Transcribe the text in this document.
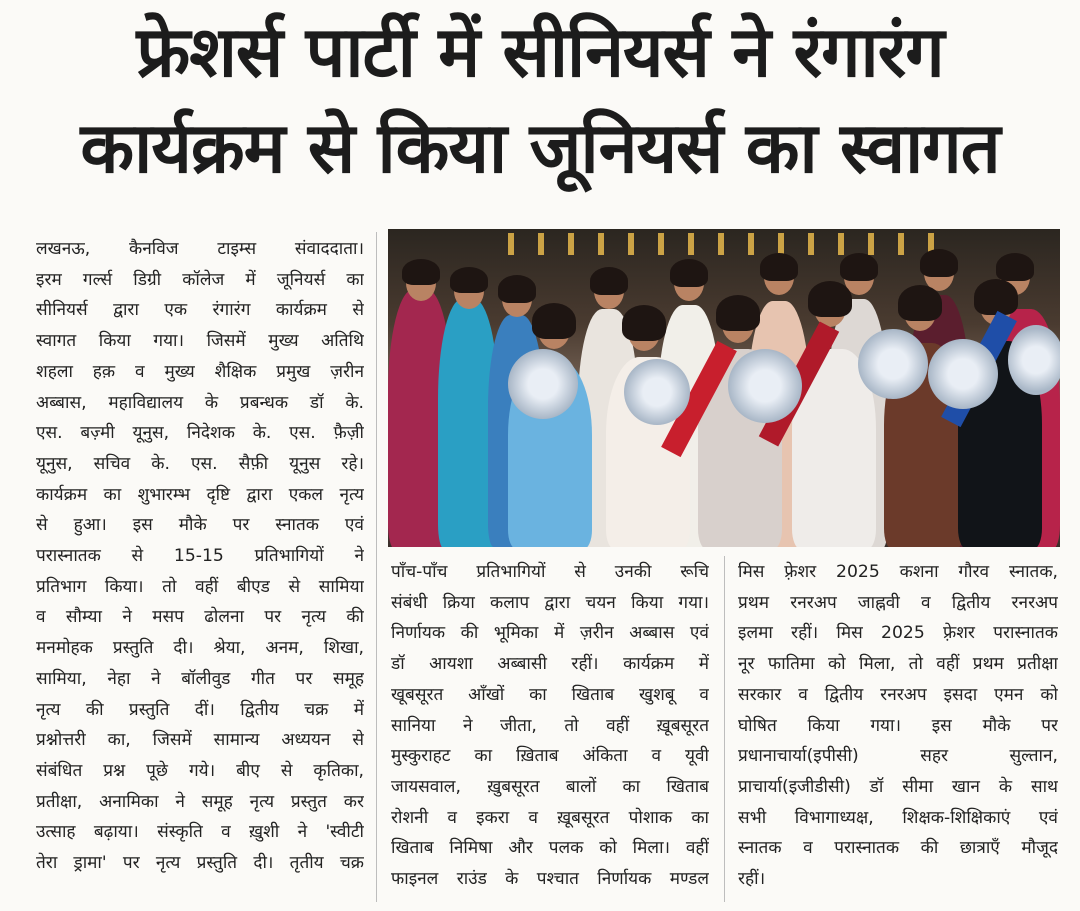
फ्रेशर्स पार्टी में सीनियर्स ने रंगारंग
कार्यक्रम से किया जूनियर्स का स्वागत
लखनऊ, कैनविज टाइम्स संवाददाता।
इरम गर्ल्स डिग्री कॉलेज में जूनियर्स का
सीनियर्स द्वारा एक रंगारंग कार्यक्रम से
स्वागत किया गया। जिसमें मुख्य अतिथि
शहला हक़ व मुख्य शैक्षिक प्रमुख ज़रीन
अब्बास, महाविद्यालय के प्रबन्धक डॉ के.
एस. बज़्मी यूनुस, निदेशक के. एस. फ़ैज़ी
यूनुस, सचिव के. एस. सैफ़ी यूनुस रहे।
कार्यक्रम का शुभारम्भ दृष्टि द्वारा एकल नृत्य
से हुआ। इस मौके पर स्नातक एवं
परास्नातक से 15-15 प्रतिभागियों ने
प्रतिभाग किया। तो वहीं बीएड से सामिया
व सौम्या ने मसप ढोलना पर नृत्य की
मनमोहक प्रस्तुति दी। श्रेया, अनम, शिखा,
सामिया, नेहा ने बॉलीवुड गीत पर समूह
नृत्य की प्रस्तुति दीं। द्वितीय चक्र में
प्रश्नोत्तरी का, जिसमें सामान्य अध्ययन से
संबंधित प्रश्न पूछे गये। बीए से कृतिका,
प्रतीक्षा, अनामिका ने समूह नृत्य प्रस्तुत कर
उत्साह बढ़ाया। संस्कृति व ख़ुशी ने 'स्वीटी
तेरा ड्रामा' पर नृत्य प्रस्तुति दी। तृतीय चक्र
पाँच-पाँच प्रतिभागियों से उनकी रूचि
संबंधी क्रिया कलाप द्वारा चयन किया गया।
निर्णायक की भूमिका में ज़रीन अब्बास एवं
डॉ आयशा अब्बासी रहीं। कार्यक्रम में
खूबसूरत आँखों का खिताब खुशबू व
सानिया ने जीता, तो वहीं ख़ूबसूरत
मुस्कुराहट का ख़िताब अंकिता व यूवी
जायसवाल, ख़ुबसूरत बालों का खिताब
रोशनी व इकरा व ख़ूबसूरत पोशाक का
खिताब निमिषा और पलक को मिला। वहीं
फाइनल राउंड के पश्चात निर्णायक मण्डल
मिस फ़्रेशर 2025 कशना गौरव स्नातक,
प्रथम रनरअप जाह्नवी व द्वितीय रनरअप
इलमा रहीं। मिस 2025 फ़्रेशर परास्नातक
नूर फातिमा को मिला, तो वहीं प्रथम प्रतीक्षा
सरकार व द्वितीय रनरअप इसदा एमन को
घोषित किया गया। इस मौके पर
प्रधानाचार्या(इपीसी) सहर सुल्तान,
प्राचार्या(इजीडीसी) डॉ सीमा खान के साथ
सभी विभागाध्यक्ष, शिक्षक-शिक्षिकाएं एवं
स्नातक व परास्नातक की छात्राएँ मौजूद
रहीं।
